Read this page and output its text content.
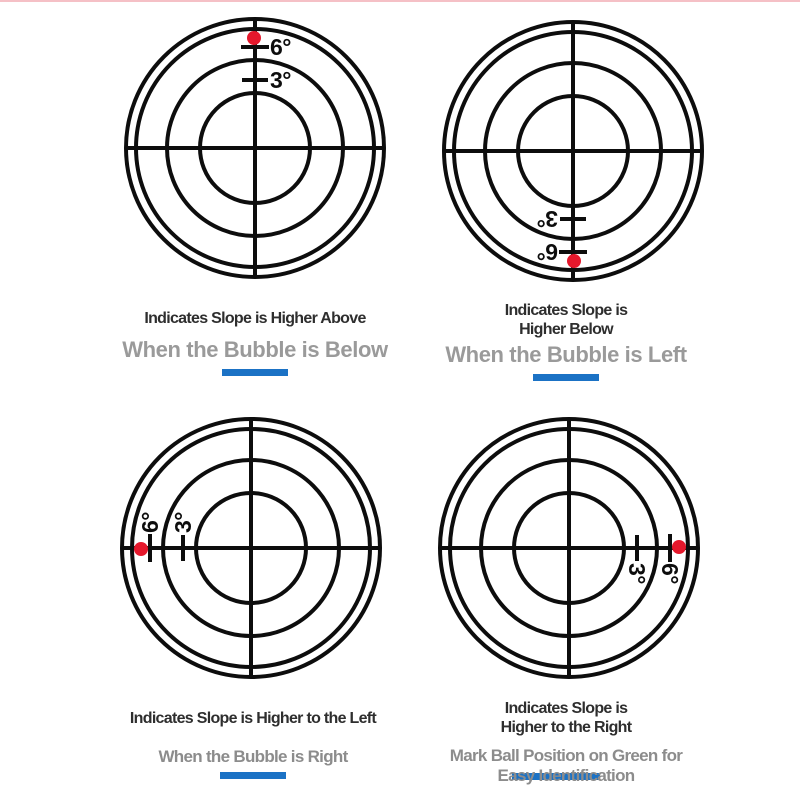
6°
3°
6°
3°
6° 3°
6°
3°
Indicates Slope is Higher Above
When the Bubble is Below
Indicates Slope is
Higher Below
When the Bubble is Left
Indicates Slope is Higher to the Left
When the Bubble is Right
Indicates Slope is
Higher to the Right
Mark Ball Position on Green for
Easy Identification
